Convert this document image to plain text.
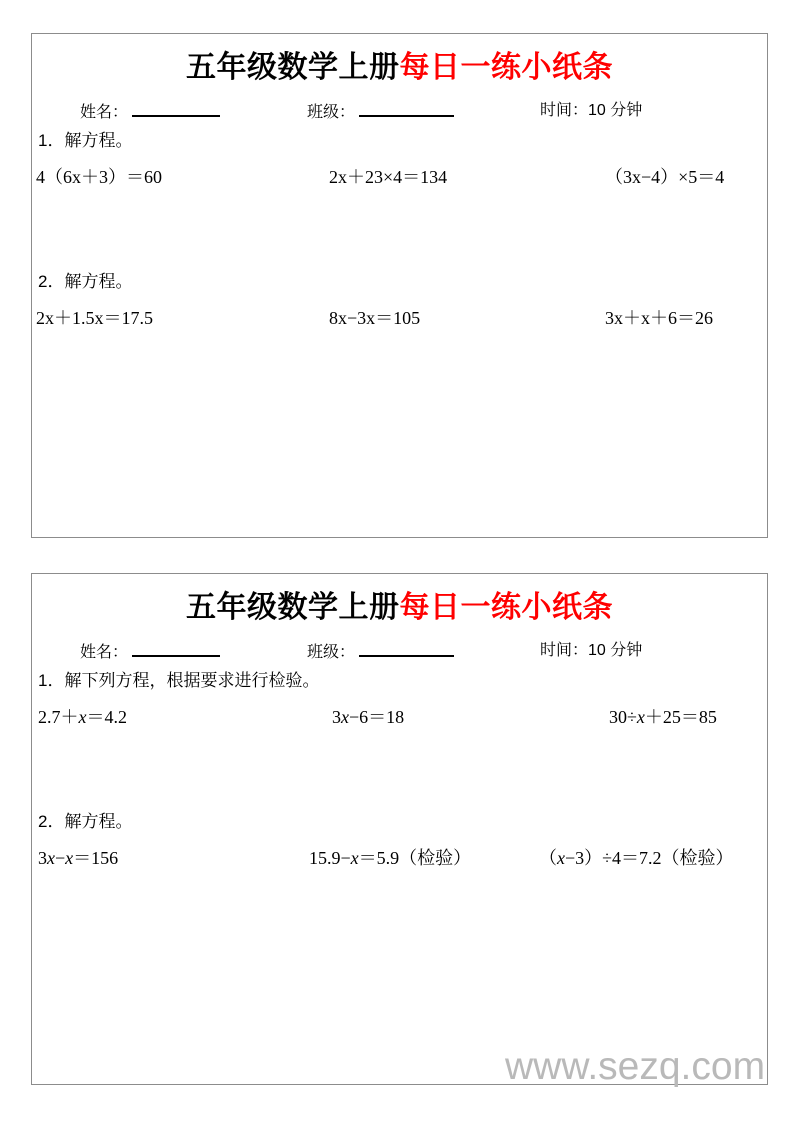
五年级数学上册每日一练小纸条
姓名：	班级：	时间： 10 分钟
1．解方程。
4（6x＋3）＝60	2x＋23×4＝134	（3x−4）×5＝4
2．解方程。
2x＋1.5x＝17.5	8x−3x＝105	3x＋x＋6＝26
五年级数学上册每日一练小纸条
姓名：	班级：	时间： 10 分钟
1．解下列方程，根据要求进行检验。
2.7＋x＝4.2	3x−6＝18	30÷x＋25＝85
2．解方程。
3x−x＝156	15.9−x＝5.9（检验）	（x−3）÷4＝7.2（检验）
www.sezq.com
